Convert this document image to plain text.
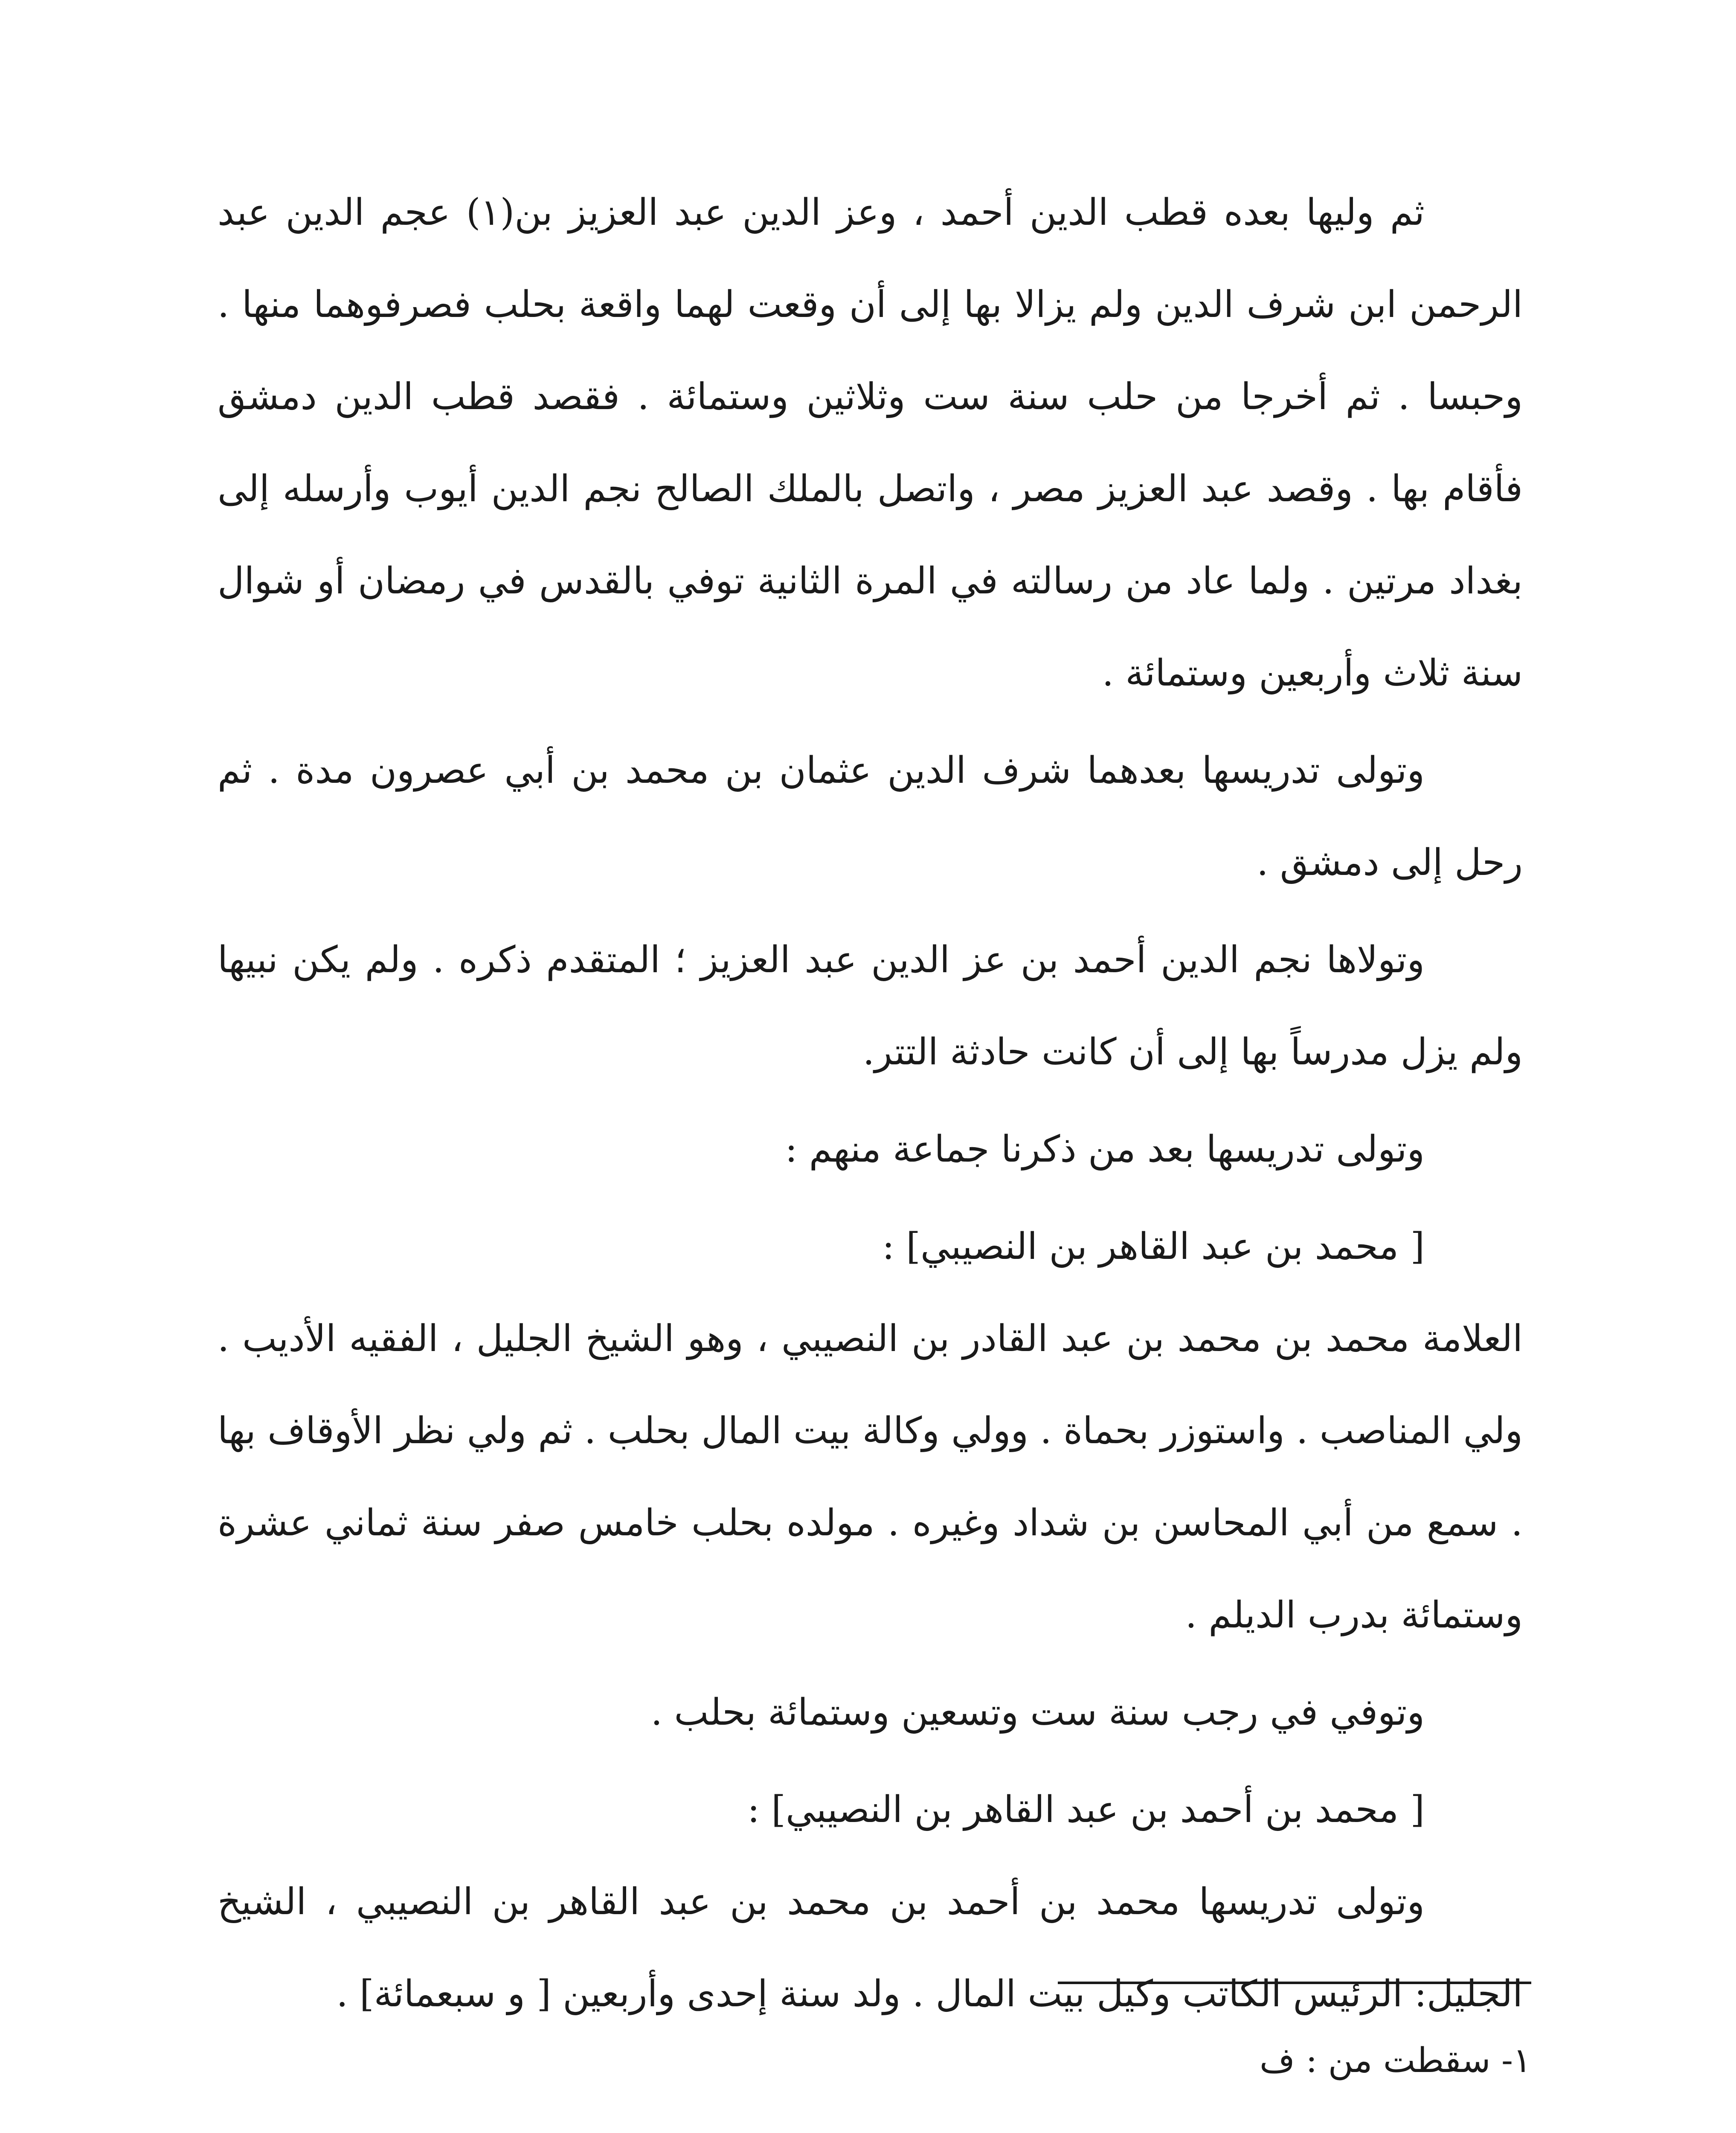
ثم وليها بعده قطب الدين أحمد ، وعز الدين عبد العزيز بن(١) عجم الدين عبد الرحمن ابن شرف الدين ولم يزالا بها إلى أن وقعت لهما واقعة بحلب فصرفوهما منها . وحبسا . ثم أخرجا من حلب سنة ست وثلاثين وستمائة . فقصد قطب الدين دمشق فأقام بها . وقصد عبد العزيز مصر ، واتصل بالملك الصالح نجم الدين أيوب وأرسله إلى بغداد مرتين . ولما عاد من رسالته في المرة الثانية توفي بالقدس في رمضان أو شوال سنة ثلاث وأربعين وستمائة .

وتولى تدريسها بعدهما شرف الدين عثمان بن محمد بن أبي عصرون مدة . ثم رحل إلى دمشق .

وتولاها نجم الدين أحمد بن عز الدين عبد العزيز ؛ المتقدم ذكره . ولم يكن نبيها ولم يزل مدرساً بها إلى أن كانت حادثة التتر.

وتولى تدريسها بعد من ذكرنا جماعة منهم :

[ محمد بن عبد القاهر بن النصيبي] :

العلامة محمد بن محمد بن عبد القادر بن النصيبي ، وهو الشيخ الجليل ، الفقيه الأديب . ولي المناصب . واستوزر بحماة . وولي وكالة بيت المال بحلب . ثم ولي نظر الأوقاف بها . سمع من أبي المحاسن بن شداد وغيره . مولده بحلب خامس صفر سنة ثماني عشرة وستمائة بدرب الديلم .

وتوفي في رجب سنة ست وتسعين وستمائة بحلب .

[ محمد بن أحمد بن عبد القاهر بن النصيبي] :

وتولى تدريسها محمد بن أحمد بن محمد بن عبد القاهر بن النصيبي ، الشيخ الجليل: الرئيس الكاتب وكيل بيت المال . ولد سنة إحدى وأربعين [ و سبعمائة] .

١- سقطت من : ف
